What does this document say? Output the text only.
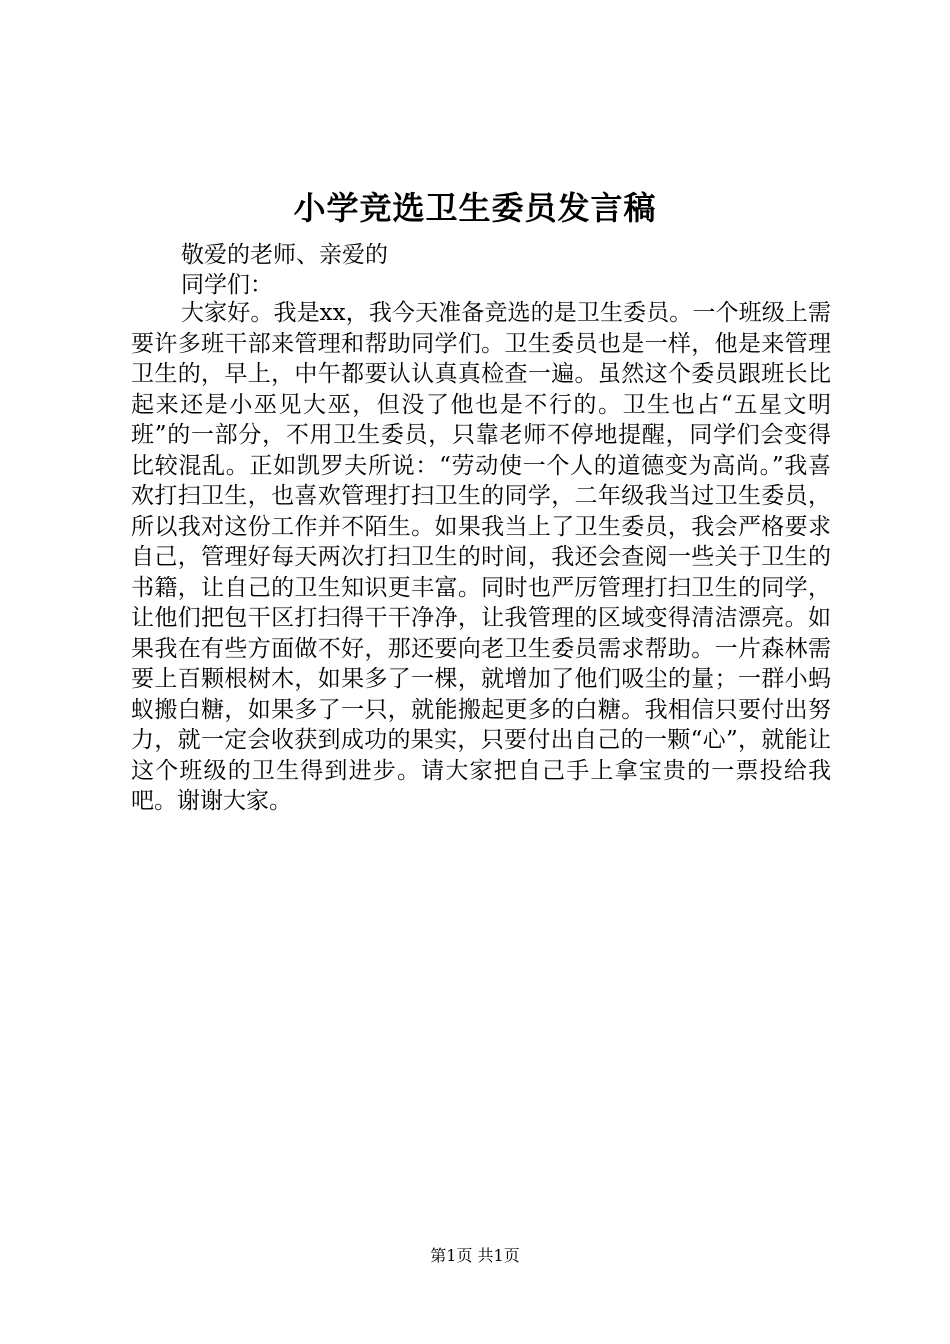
小学竞选卫生委员发言稿
敬爱的老师、亲爱的
同学们：
大家好。我是xx，我今天准备竞选的是卫生委员。一个班级上需要许多班干部来管理和帮助同学们。卫生委员也是一样，他是来管理卫生的，早上，中午都要认认真真检查一遍。虽然这个委员跟班长比起来还是小巫见大巫，但没了他也是不行的。卫生也占“五星文明班”的一部分，不用卫生委员，只靠老师不停地提醒，同学们会变得比较混乱。正如凯罗夫所说：“劳动使一个人的道德变为高尚。”我喜欢打扫卫生，也喜欢管理打扫卫生的同学，二年级我当过卫生委员，所以我对这份工作并不陌生。如果我当上了卫生委员，我会严格要求自己，管理好每天两次打扫卫生的时间，我还会查阅一些关于卫生的书籍，让自己的卫生知识更丰富。同时也严厉管理打扫卫生的同学，让他们把包干区打扫得干干净净，让我管理的区域变得清洁漂亮。如果我在有些方面做不好，那还要向老卫生委员需求帮助。一片森林需要上百颗根树木，如果多了一棵，就增加了他们吸尘的量；一群小蚂蚁搬白糖，如果多了一只，就能搬起更多的白糖。我相信只要付出努力，就一定会收获到成功的果实，只要付出自己的一颗“心”，就能让这个班级的卫生得到进步。请大家把自己手上拿宝贵的一票投给我吧。谢谢大家。
第1页 共1页
